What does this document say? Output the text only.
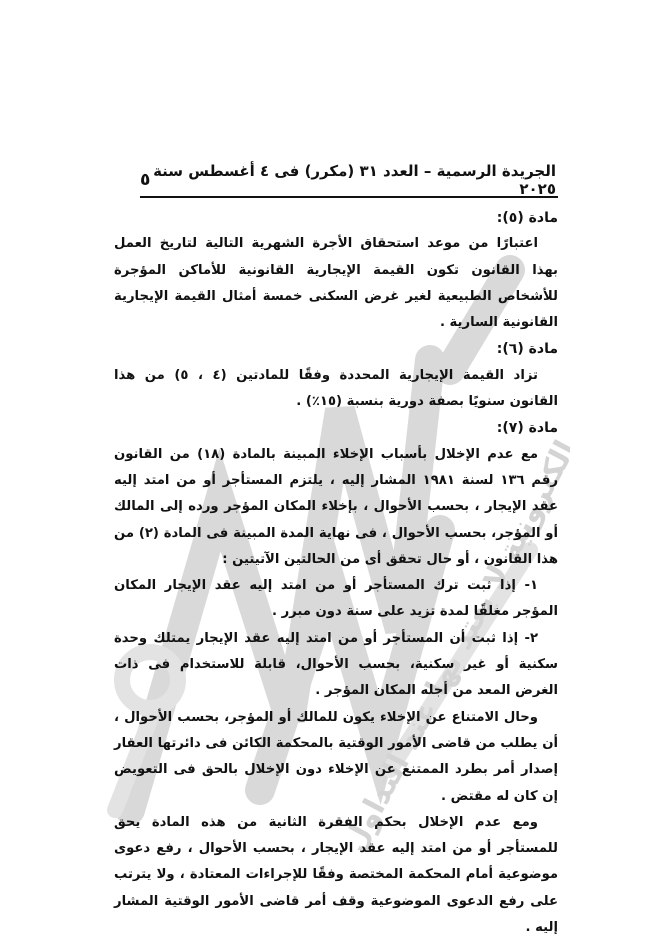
صورة إلكترونية لا يعتد بها عند التداول
الجريدة الرسمية – العدد ٣١ (مكرر) فى ٤ أغسطس سنة ٢٠٢٥
٥

مادة (٥):

اعتبارًا من موعد استحقاق الأجرة الشهرية التالية لتاريخ العمل بهذا القانون تكون القيمة الإيجارية القانونية للأماكن المؤجرة للأشخاص الطبيعية لغير غرض السكنى خمسة أمثال القيمة الإيجارية القانونية السارية .

مادة (٦):

تزاد القيمة الإيجارية المحددة وفقًا للمادتين (٤ ، ٥) من هذا القانون سنويًا بصفة دورية بنسبة (١٥٪) .

مادة (٧):

مع عدم الإخلال بأسباب الإخلاء المبينة بالمادة (١٨) من القانون رقم ١٣٦ لسنة ١٩٨١ المشار إليه ، يلتزم المستأجر أو من امتد إليه عقد الإيجار ، بحسب الأحوال ، بإخلاء المكان المؤجر ورده إلى المالك أو المؤجر، بحسب الأحوال ، فى نهاية المدة المبينة فى المادة (٢) من هذا القانون ، أو حال تحقق أى من الحالتين الآتيتين :

١- إذا ثبت ترك المستأجر أو من امتد إليه عقد الإيجار المكان المؤجر مغلقًا لمدة تزيد على سنة دون مبرر .

٢- إذا ثبت أن المستأجر أو من امتد إليه عقد الإيجار يمتلك وحدة سكنية أو غير سكنية، بحسب الأحوال، قابلة للاستخدام فى ذات الغرض المعد من أجله المكان المؤجر .

وحال الامتناع عن الإخلاء يكون للمالك أو المؤجر، بحسب الأحوال ، أن يطلب من قاضى الأمور الوقتية بالمحكمة الكائن فى دائرتها العقار إصدار أمر بطرد الممتنع عن الإخلاء دون الإخلال بالحق فى التعويض إن كان له مقتض .

ومع عدم الإخلال بحكم الفقرة الثانية من هذه المادة يحق للمستأجر أو من امتد إليه عقد الإيجار ، بحسب الأحوال ، رفع دعوى موضوعية أمام المحكمة المختصة وفقًا للإجراءات المعتادة ، ولا يترتب على رفع الدعوى الموضوعية وقف أمر قاضى الأمور الوقتية المشار إليه .
